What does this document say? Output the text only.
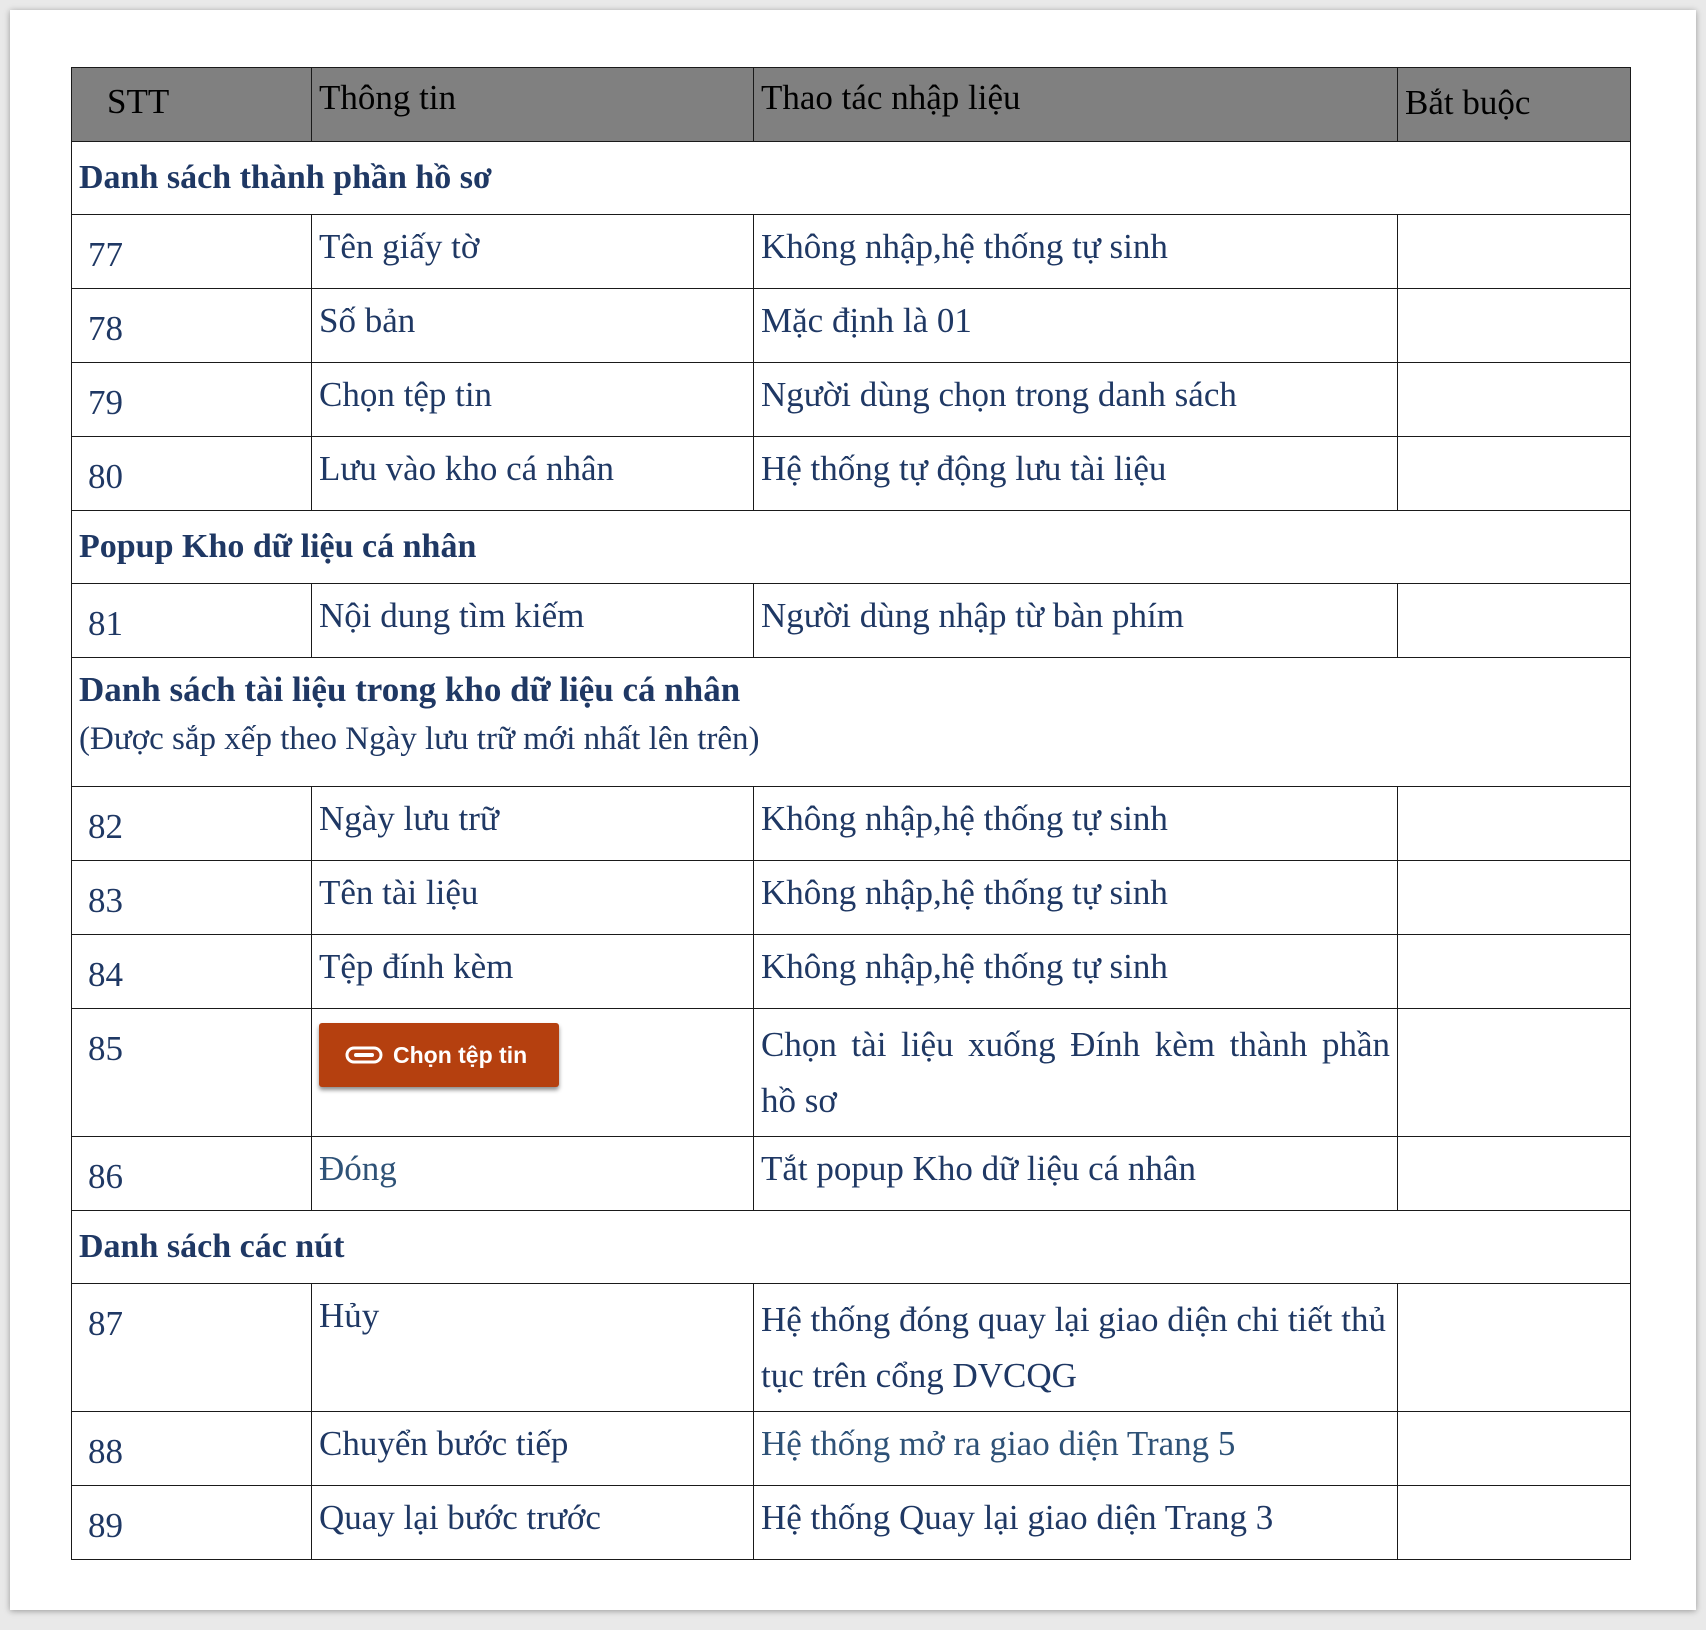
STT	Thông tin	Thao tác nhập liệu	Bắt buộc
Danh sách thành phần hồ sơ			
77	Tên giấy tờ	Không nhập,hệ thống tự sinh	
78	Số bản	Mặc định là 01	
79	Chọn tệp tin	Người dùng chọn trong danh sách	
80	Lưu vào kho cá nhân	Hệ thống tự động lưu tài liệu	
Popup Kho dữ liệu cá nhân			
81	Nội dung tìm kiếm	Người dùng nhập từ bàn phím	

Danh sách tài liệu trong kho dữ liệu cá nhân
(Được sắp xếp theo Ngày lưu trữ mới nhất lên trên)			

82	Ngày lưu trữ	Không nhập,hệ thống tự sinh	
83	Tên tài liệu	Không nhập,hệ thống tự sinh	
84	Tệp đính kèm	Không nhập,hệ thống tự sinh	
85	Chọn tệp tin	Chọn tài liệu xuống Đính kèm thành phần hồ sơ	
86	Đóng	Tắt popup Kho dữ liệu cá nhân	
Danh sách các nút			
87	Hủy	Hệ thống đóng quay lại giao diện chi tiết thủ tục trên cổng DVCQG	
88	Chuyển bước tiếp	Hệ thống mở ra giao diện Trang 5	
89	Quay lại bước trước	Hệ thống Quay lại giao diện Trang 3	
